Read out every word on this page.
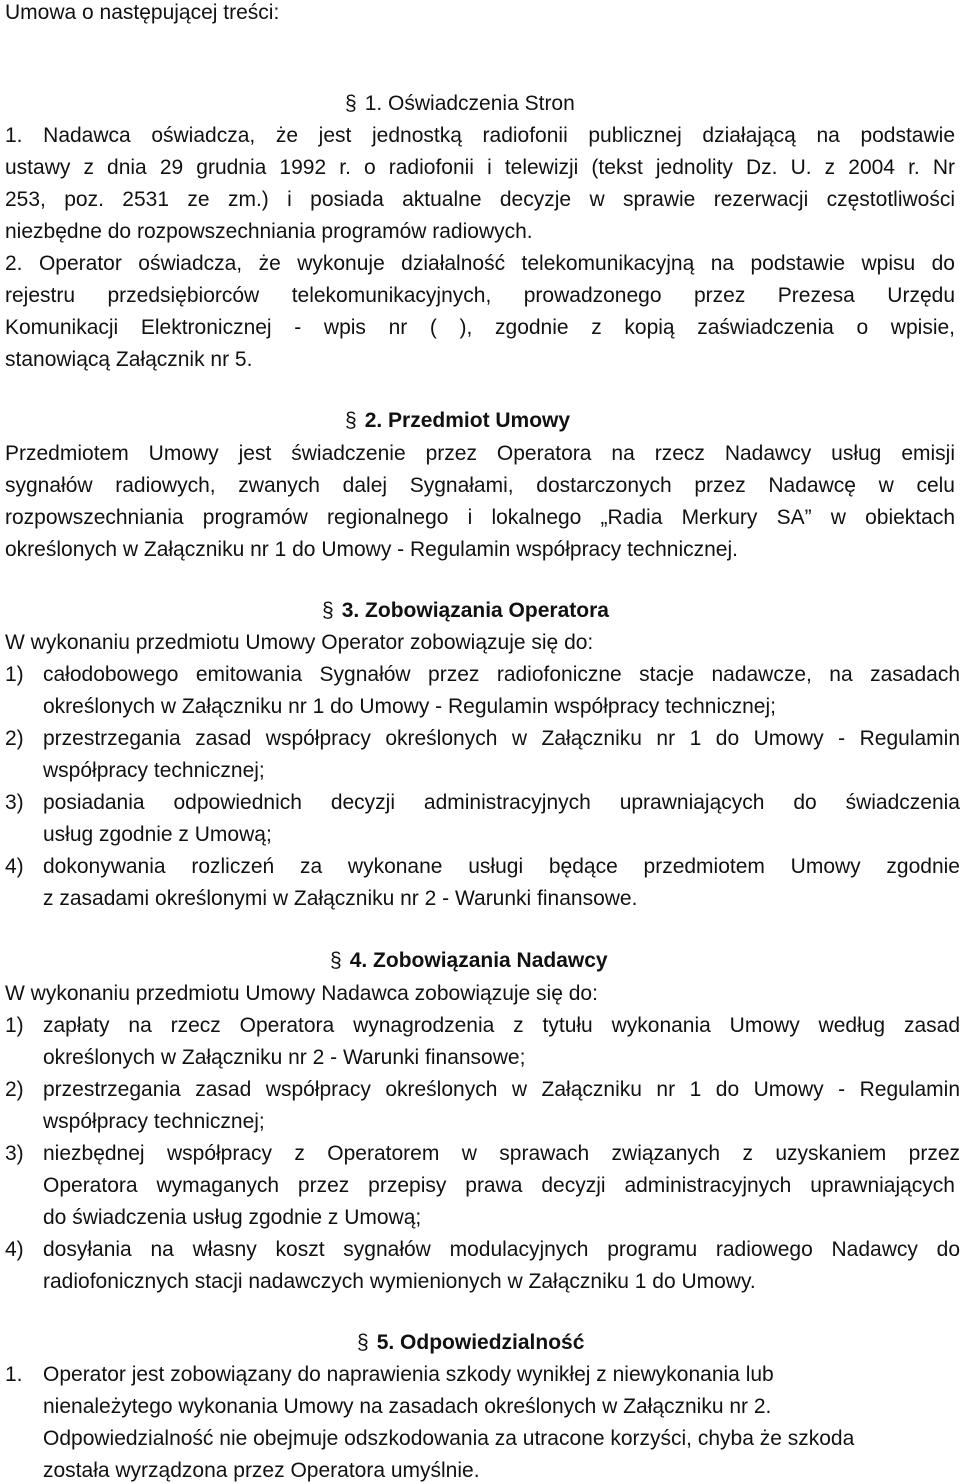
Umowa o następującej treści:
§ 1. Oświadczenia Stron
1. Nadawca oświadcza, że jest jednostką radiofonii publicznej działającą na podstawie
ustawy z dnia 29 grudnia 1992 r. o radiofonii i telewizji (tekst jednolity Dz. U. z 2004 r. Nr
253, poz. 2531 ze zm.) i posiada aktualne decyzje w sprawie rezerwacji częstotliwości
niezbędne do rozpowszechniania programów radiowych.
2. Operator oświadcza, że wykonuje działalność telekomunikacyjną na podstawie wpisu do
rejestru przedsiębiorców telekomunikacyjnych, prowadzonego przez Prezesa Urzędu
Komunikacji Elektronicznej - wpis nr ( ), zgodnie z kopią zaświadczenia o wpisie,
stanowiącą Załącznik nr 5.
§ 2. Przedmiot Umowy
Przedmiotem Umowy jest świadczenie przez Operatora na rzecz Nadawcy usług emisji
sygnałów radiowych, zwanych dalej Sygnałami, dostarczonych przez Nadawcę w celu
rozpowszechniania programów regionalnego i lokalnego „Radia Merkury SA” w obiektach
określonych w Załączniku nr 1 do Umowy - Regulamin współpracy technicznej.
§ 3. Zobowiązania Operatora
W wykonaniu przedmiotu Umowy Operator zobowiązuje się do:
1) całodobowego emitowania Sygnałów przez radiofoniczne stacje nadawcze, na zasadach
określonych w Załączniku nr 1 do Umowy - Regulamin współpracy technicznej;
2) przestrzegania zasad współpracy określonych w Załączniku nr 1 do Umowy - Regulamin
współpracy technicznej;
3) posiadania odpowiednich decyzji administracyjnych uprawniających do świadczenia
usług zgodnie z Umową;
4) dokonywania rozliczeń za wykonane usługi będące przedmiotem Umowy zgodnie
z zasadami określonymi w Załączniku nr 2 - Warunki finansowe.
§ 4. Zobowiązania Nadawcy
W wykonaniu przedmiotu Umowy Nadawca zobowiązuje się do:
1) zapłaty na rzecz Operatora wynagrodzenia z tytułu wykonania Umowy według zasad
określonych w Załączniku nr 2 - Warunki finansowe;
2) przestrzegania zasad współpracy określonych w Załączniku nr 1 do Umowy - Regulamin
współpracy technicznej;
3) niezbędnej współpracy z Operatorem w sprawach związanych z uzyskaniem przez
Operatora wymaganych przez przepisy prawa decyzji administracyjnych uprawniających
do świadczenia usług zgodnie z Umową;
4) dosyłania na własny koszt sygnałów modulacyjnych programu radiowego Nadawcy do
radiofonicznych stacji nadawczych wymienionych w Załączniku 1 do Umowy.
§ 5. Odpowiedzialność
1. Operator jest zobowiązany do naprawienia szkody wynikłej z niewykonania lub
nienależytego wykonania Umowy na zasadach określonych w Załączniku nr 2.
Odpowiedzialność nie obejmuje odszkodowania za utracone korzyści, chyba że szkoda
została wyrządzona przez Operatora umyślnie.
